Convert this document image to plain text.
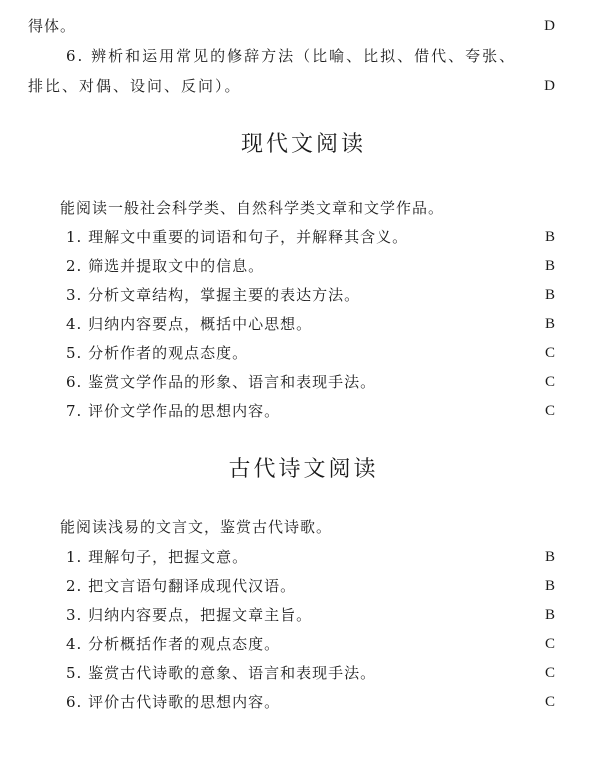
得体。	D
6. 辨析和运用常见的修辞方法（比喻、比拟、借代、夸张、
排比、对偶、设问、反问）。	D
现代文阅读
能阅读一般社会科学类、自然科学类文章和文学作品。
1. 理解文中重要的词语和句子，并解释其含义。	B
2. 筛选并提取文中的信息。	B
3. 分析文章结构，掌握主要的表达方法。	B
4. 归纳内容要点，概括中心思想。	B
5. 分析作者的观点态度。	C
6. 鉴赏文学作品的形象、语言和表现手法。	C
7. 评价文学作品的思想内容。	C
古代诗文阅读
能阅读浅易的文言文，鉴赏古代诗歌。
1. 理解句子，把握文意。	B
2. 把文言语句翻译成现代汉语。	B
3. 归纳内容要点，把握文章主旨。	B
4. 分析概括作者的观点态度。	C
5. 鉴赏古代诗歌的意象、语言和表现手法。	C
6. 评价古代诗歌的思想内容。	C
